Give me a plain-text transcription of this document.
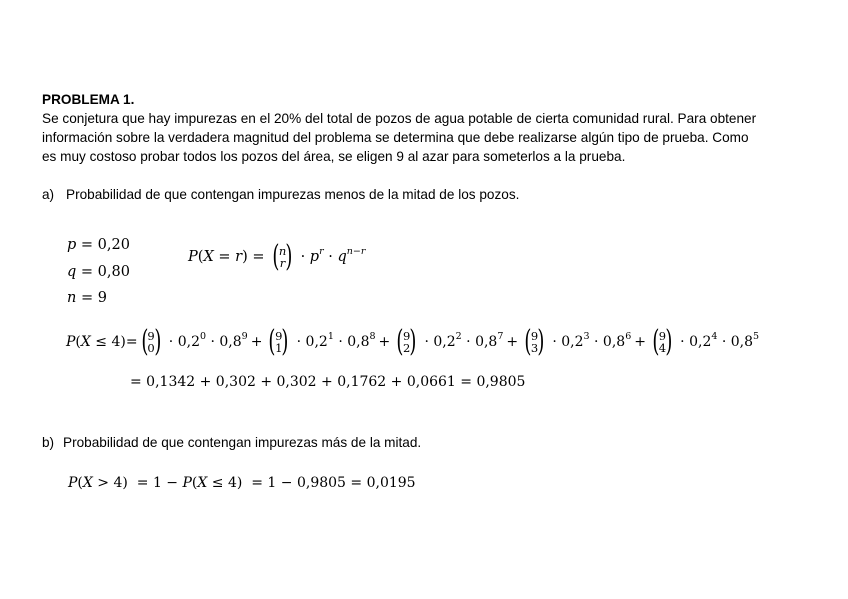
PROBLEMA 1.
Se conjetura que hay impurezas en el 20% del total de pozos de agua potable de cierta comunidad rural. Para obtener
información sobre la verdadera magnitud del problema se determina que debe realizarse algún tipo de prueba. Como
es muy costoso probar todos los pozos del área, se eligen 9 al azar para someterlos a la prueba.
a) Probabilidad de que contengan impurezas menos de la mitad de los pozos.
p = 0,20
q = 0,80
n = 9
P(X = r) = ( n
r ) · $p^r \cdot q^{n-r}$
P(X ≤ 4)= ( 9
0 ) · $0,2^0 \cdot 0,8^9$ + ( 9
1 ) · $0,2^1 \cdot 0,8^8$ + ( 9
2 ) · $0,2^2 \cdot 0,8^7$ + ( 9
3 ) · $0,2^3 \cdot 0,8^6$ + ( 9
4 ) · $0,2^4 \cdot 0,8^5$
= 0,1342 + 0,302 + 0,302 + 0,1762 + 0,0661 = 0,9805
b) Probabilidad de que contengan impurezas más de la mitad.
P(X > 4) = 1 − P(X ≤ 4) = 1 − 0,9805 = 0,0195
